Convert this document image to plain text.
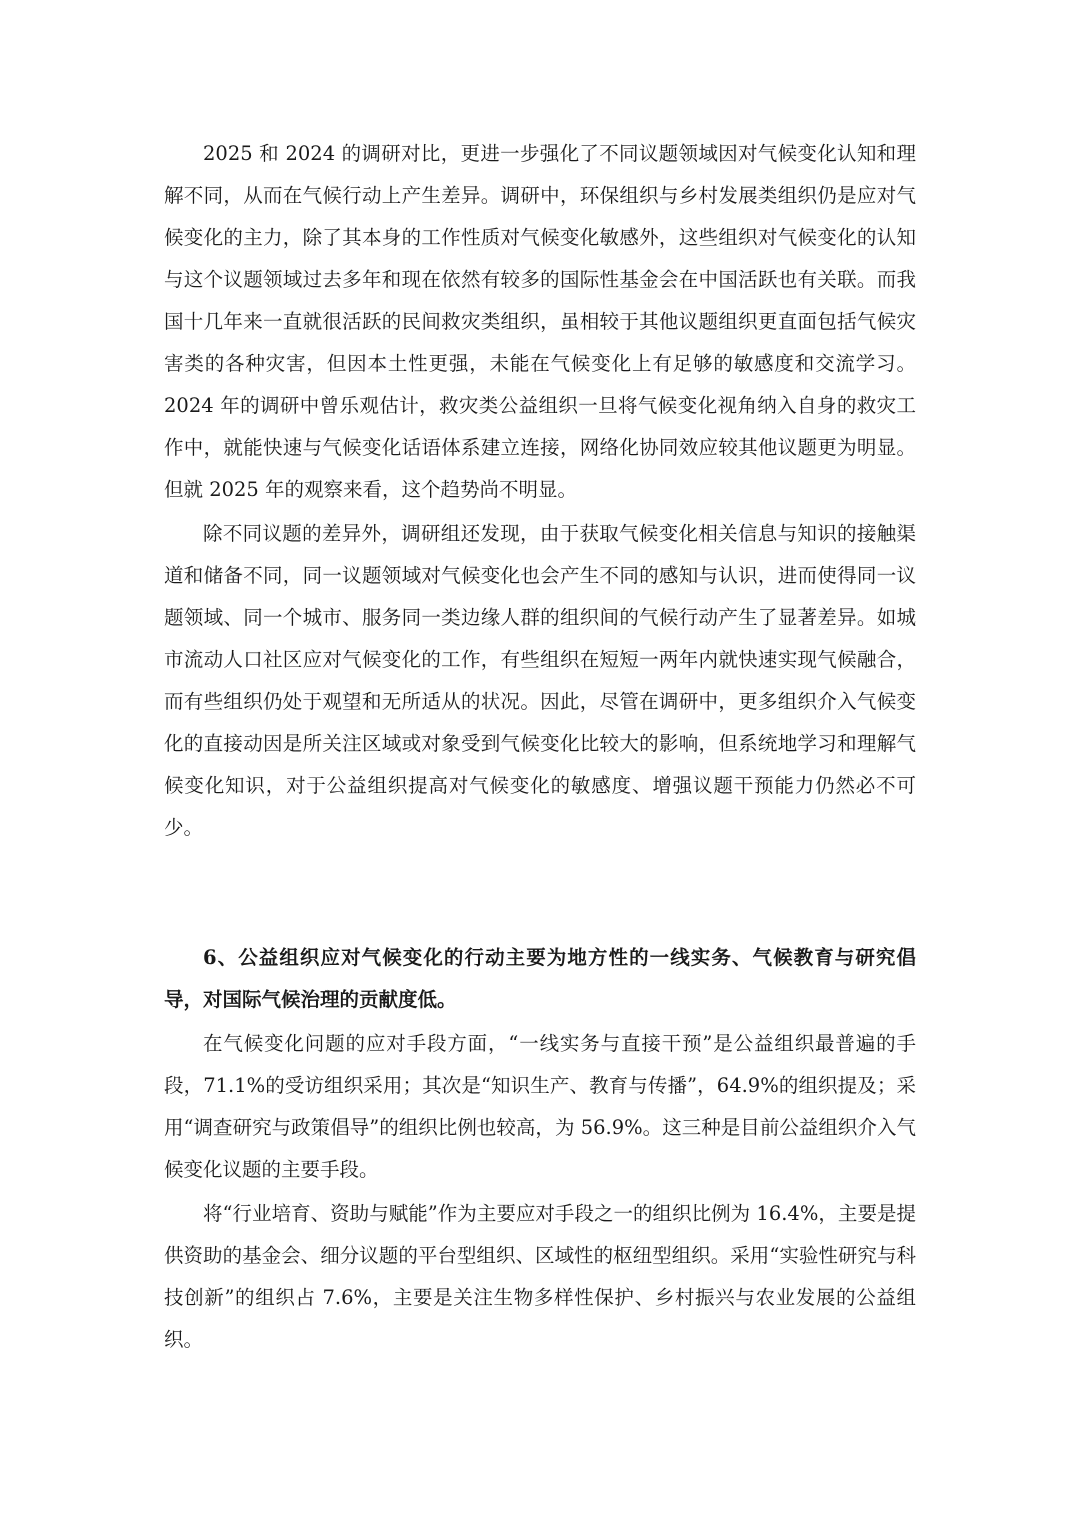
2025 和 2024 的调研对比，更进一步强化了不同议题领域因对气候变化认知和理解不同，从而在气候行动上产生差异。调研中，环保组织与乡村发展类组织仍是应对气候变化的主力，除了其本身的工作性质对气候变化敏感外，这些组织对气候变化的认知与这个议题领域过去多年和现在依然有较多的国际性基金会在中国活跃也有关联。而我国十几年来一直就很活跃的民间救灾类组织，虽相较于其他议题组织更直面包括气候灾害类的各种灾害，但因本土性更强，未能在气候变化上有足够的敏感度和交流学习。2024 年的调研中曾乐观估计，救灾类公益组织一旦将气候变化视角纳入自身的救灾工作中，就能快速与气候变化话语体系建立连接，网络化协同效应较其他议题更为明显。但就 2025 年的观察来看，这个趋势尚不明显。

除不同议题的差异外，调研组还发现，由于获取气候变化相关信息与知识的接触渠道和储备不同，同一议题领域对气候变化也会产生不同的感知与认识，进而使得同一议题领域、同一个城市、服务同一类边缘人群的组织间的气候行动产生了显著差异。如城市流动人口社区应对气候变化的工作，有些组织在短短一两年内就快速实现气候融合，而有些组织仍处于观望和无所适从的状况。因此，尽管在调研中，更多组织介入气候变化的直接动因是所关注区域或对象受到气候变化比较大的影响，但系统地学习和理解气候变化知识，对于公益组织提高对气候变化的敏感度、增强议题干预能力仍然必不可少。

6、公益组织应对气候变化的行动主要为地方性的一线实务、气候教育与研究倡导，对国际气候治理的贡献度低。

在气候变化问题的应对手段方面，“一线实务与直接干预”是公益组织最普遍的手段，71.1%的受访组织采用；其次是“知识生产、教育与传播”，64.9%的组织提及；采用“调查研究与政策倡导”的组织比例也较高，为 56.9%。这三种是目前公益组织介入气候变化议题的主要手段。

将“行业培育、资助与赋能”作为主要应对手段之一的组织比例为 16.4%，主要是提供资助的基金会、细分议题的平台型组织、区域性的枢纽型组织。采用“实验性研究与科技创新”的组织占 7.6%，主要是关注生物多样性保护、乡村振兴与农业发展的公益组织。
